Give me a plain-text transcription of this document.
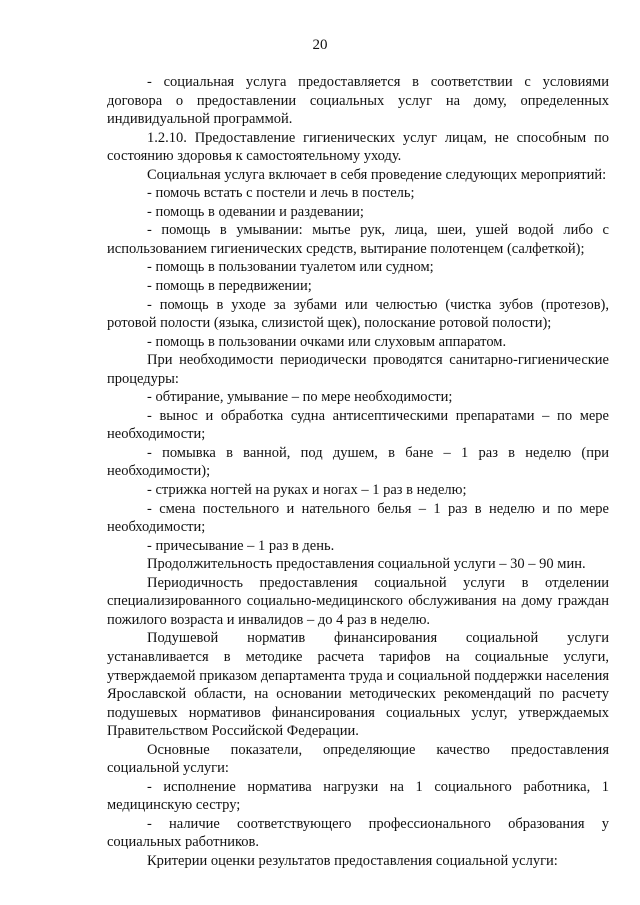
20

- социальная услуга предоставляется в соответствии с условиями договора о предоставлении социальных услуг на дому, определенных индивидуальной программой.

1.2.10. Предоставление гигиенических услуг лицам, не способным по состоянию здоровья к самостоятельному уходу.

Социальная услуга включает в себя проведение следующих мероприятий:

- помочь встать с постели и лечь в постель;

- помощь в одевании и раздевании;

- помощь в умывании: мытье рук, лица, шеи, ушей водой либо с использованием гигиенических средств, вытирание полотенцем (салфеткой);

- помощь в пользовании туалетом или судном;

- помощь в передвижении;

- помощь в уходе за зубами или челюстью (чистка зубов (протезов), ротовой полости (языка, слизистой щек), полоскание ротовой полости);

- помощь в пользовании очками или слуховым аппаратом.

При необходимости периодически проводятся санитарно-гигиенические процедуры:

- обтирание, умывание – по мере необходимости;

- вынос и обработка судна антисептическими препаратами – по мере необходимости;

- помывка в ванной, под душем, в бане – 1 раз в неделю (при необходимости);

- стрижка ногтей на руках и ногах – 1 раз в неделю;

- смена постельного и нательного белья – 1 раз в неделю и по мере необходимости;

- причесывание – 1 раз в день.

Продолжительность предоставления социальной услуги – 30 – 90 мин.

Периодичность предоставления социальной услуги в отделении специализированного социально-медицинского обслуживания на дому граждан пожилого возраста и инвалидов – до 4 раз в неделю.

Подушевой норматив финансирования социальной услуги устанавливается в методике расчета тарифов на социальные услуги, утверждаемой приказом департамента труда и социальной поддержки населения Ярославской области, на основании методических рекомендаций по расчету подушевых нормативов финансирования социальных услуг, утверждаемых Правительством Российской Федерации.

Основные показатели, определяющие качество предоставления социальной услуги:

- исполнение норматива нагрузки на 1 социального работника, 1 медицинскую сестру;

- наличие соответствующего профессионального образования у социальных работников.

Критерии оценки результатов предоставления социальной услуги:
